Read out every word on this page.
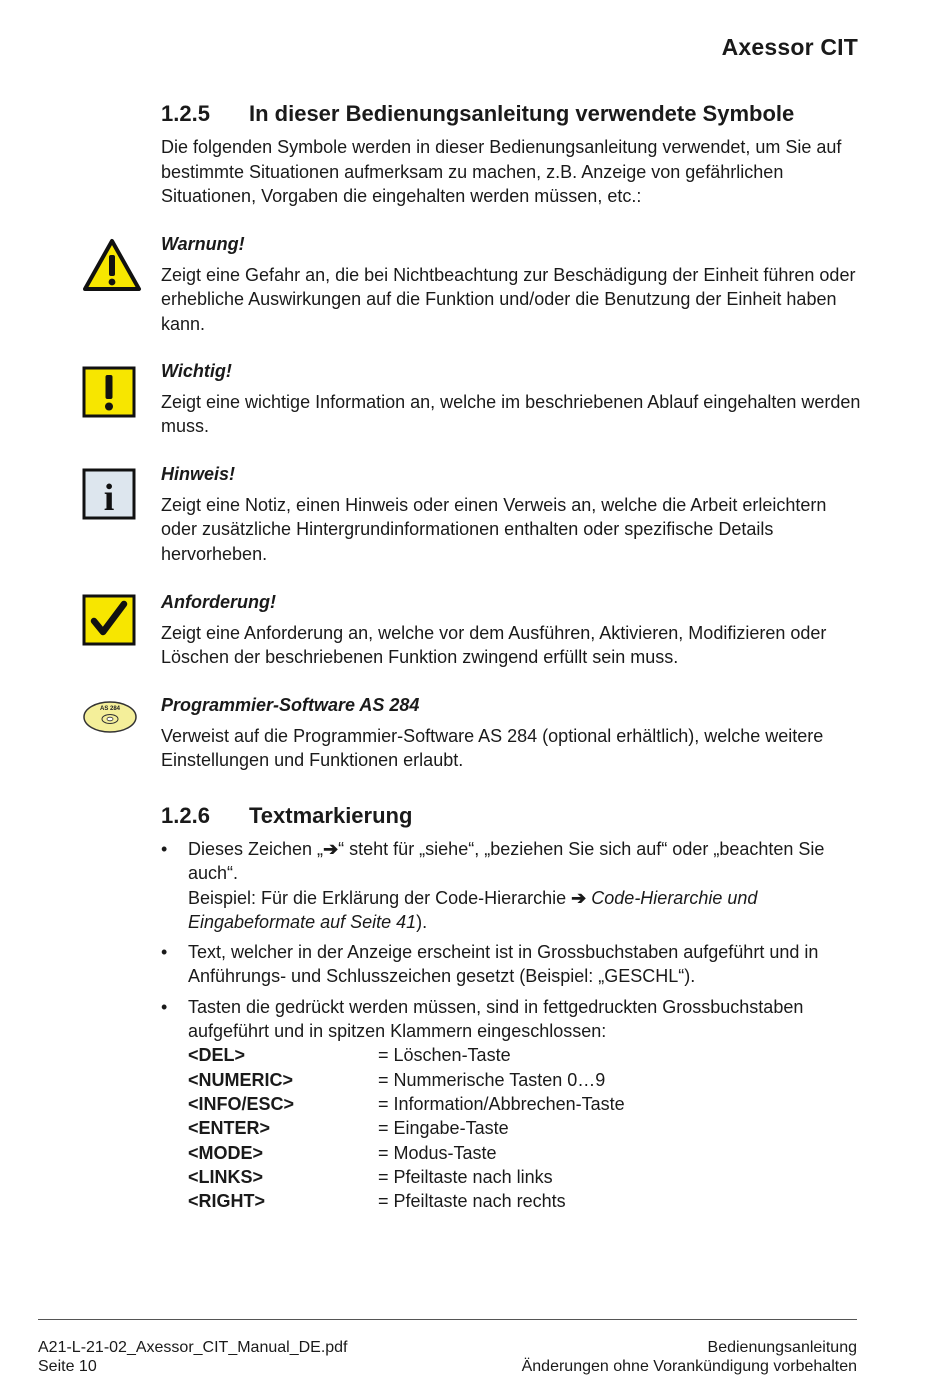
Axessor CIT
1.2.5 In dieser Bedienungsanleitung verwendete Symbole
Die folgenden Symbole werden in dieser Bedienungsanleitung verwendet, um Sie auf bestimmte Situationen aufmerksam zu machen, z.B. Anzeige von gefährlichen Situationen, Vorgaben die eingehalten werden müssen, etc.:
Warnung!
Zeigt eine Gefahr an, die bei Nichtbeachtung zur Beschädigung der Einheit führen oder erhebliche Auswirkungen auf die Funktion und/oder die Benutzung der Einheit haben kann.
Wichtig!
Zeigt eine wichtige Information an, welche im beschriebenen Ablauf eingehalten werden muss.
i
Hinweis!
Zeigt eine Notiz, einen Hinweis oder einen Verweis an, welche die Arbeit erleichtern oder zusätzliche Hintergrundinformationen enthalten oder spezifische Details hervorheben.
Anforderung!
Zeigt eine Anforderung an, welche vor dem Ausführen, Aktivieren, Modifizieren oder Löschen der beschriebenen Funktion zwingend erfüllt sein muss.
AS 284 Programmier-Software AS 284
Verweist auf die Programmier-Software AS 284 (optional erhältlich), welche weitere Einstellungen und Funktionen erlaubt.
1.2.6 Textmarkierung
• Dieses Zeichen „➔“ steht für „siehe“, „beziehen Sie sich auf“ oder „beachten Sie auch“.
Beispiel: Für die Erklärung der Code-Hierarchie ➔ Code-Hierarchie und Eingabeformate auf Seite 41).
• Text, welcher in der Anzeige erscheint ist in Grossbuchstaben aufgeführt und in Anführungs- und Schlusszeichen gesetzt (Beispiel: „GESCHL“).
• Tasten die gedrückt werden müssen, sind in fettgedruckten Grossbuchstaben aufgeführt und in spitzen Klammern eingeschlossen:
<DEL>	= Löschen-Taste
<NUMERIC>	= Nummerische Tasten 0…9
<INFO/ESC>	= Information/Abbrechen-Taste
<ENTER>	= Eingabe-Taste
<MODE>	= Modus-Taste
<LINKS>	= Pfeiltaste nach links
<RIGHT>	= Pfeiltaste nach rechts
A21-L-21-02_Axessor_CIT_Manual_DE.pdf
Seite 10
Bedienungsanleitung
Änderungen ohne Vorankündigung vorbehalten
